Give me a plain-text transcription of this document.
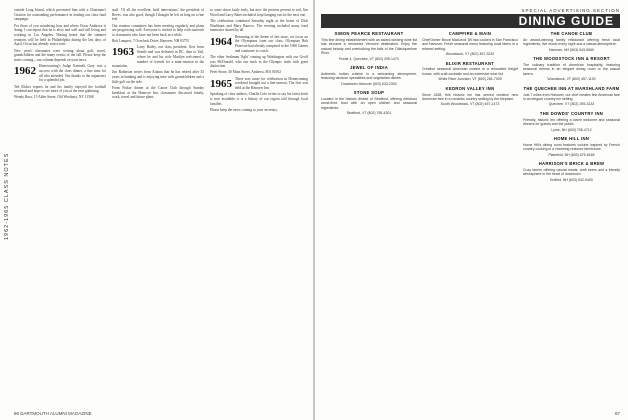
1962-1965 CLASS NOTES

outside Long Island, which prevented him with a Chairman's Citation for outstanding performance in leading our class fund campaign.

For those of you wondering how and where Oscar Ambrose is doing, I can report that he is alive and well and still living and working in Los Angeles. Having heard that the summer reunions will be held in Philadelphia during the last days of April, Oscar has already sent a note.

New year's classmates were writing about golf, travel, grandchildren and the many events of the fall. Please keep the notes coming—our column depends on your news.

1962 Homecoming's Judge Kenneth Gray was a success with the class dinner, a fine time for all who attended. Our thanks to the organizers for a splendid job.

Ted Ricker reports he and his family enjoyed the football weekend and hope to see more of you at the next gathering.

Wendy Russ, 15 Alder Street, Old Westbury, NY 11568

staff. 'Of all the excellent, bold innovations,' the president of Reves, was also good, though I thought he left us long on a fine feel.

Our reunion committee has been meeting regularly and plans are progressing well. Everyone is invited to help with outreach to classmates who have not been back in a while.

Bob Lampert, 7 Overlook Drive, Hanover, NH 03755

1963 Larry Bailey, our class president, flew from Seattle and was defeated in DC, then to Vail, where he and his wife Marilyn welcomed a number of friends for a mini-reunion in the mountains.

Jim Robinson writes from Atlanta that he has retired after 35 years in banking and is enjoying time with grandchildren and a little golf on the side.

From Friday dinner at the Canoe Club through Sunday breakfast at the Hanover Inn, classmates discussed family, work, travel and future plans.

to come down fairly early, but now the persons present to sail, Jim Wood and Larry Bates included, kept hanging out for the next one.

The celebration continued Saturday night at the home of Dick Washburn and Mary Barrow. The evening included many fond memories shared by all.

1964 Returning to the theme of last issue, we focus on the Olympians from our class. Olympian Bob Peterson had already competed in the 1960 Games and continues to coach.

The other freshman 'fight' coming up Washington with our Geoff was McDonald, who ran track in the Olympic trials with great distinction.

Peter Stone, 40 Main Street, Amherst, MA 01002

1965 There was cause for celebration as Homecoming weekend brought out a fine turnout. The first was held at the Hanover Inn.

Speaking of class authors, Charlie Cole writes to say his latest book is now available; it is a history of our region told through local families.

Please keep the news coming to your secretary.

86 DARTMOUTH ALUMNI MAGAZINE
SPECIAL ADVERTISING SECTION
DINING GUIDE
SIMON PEARCE RESTAURANT
This fine dining establishment with an award-winning wine list has become a renowned Vermont destination. Enjoy the natural beauty and overlooking the falls of the Ottauquechee River.
Route 4, Quechee, VT (802) 295-1470
JEWEL OF INDIA
Authentic Indian cuisine in a welcoming atmosphere, featuring tandoori specialties and vegetarian dishes.
Downtown Hanover (603) 643-2300
STONE SOUP
Located in the historic district of Strafford, offering delicious wood-fired food with an open kitchen and seasonal ingredients.
Strafford, VT (802) 765-4301
CAMPFIRE & MAIN
Chef/Owner Bruce MacLeod '89 has cooked in San Francisco and Hanover. Fresh seasonal menu featuring local farms in a relaxed setting.
Woodstock, VT (802) 457-3232
ELIXIR RESTAURANT
Creative seasonal American cuisine in a renovated freight house, with craft cocktails and an extensive wine list.
White River Junction, VT (802) 281-7009
KEDRON VALLEY INN
Since 1828, this historic inn has served creative new American fare in a romantic country setting by the fireplace.
South Woodstock, VT (802) 457-1473
THE CANOE CLUB
An award-winning family restaurant offering fresh local ingredients, live music every night and a casual atmosphere.
Hanover, NH (603) 643-9660
THE WOODSTOCK INN & RESORT
The culinary tradition of American hospitality, featuring seasonal menus in an elegant dining room or the casual tavern.
Woodstock, VT (802) 457-1100
THE QUECHEE INN AT MARSHLAND FARM
Just 7 miles from Hanover, our chef creates fine American fare in an elegant country inn setting.
Quechee, VT (802) 295-3133
THE DOWDS' COUNTRY INN
Friendly, historic inn offering a warm welcome and seasonal dinners for guests and the public.
Lyme, NH (603) 795-4712
HOME HILL INN
Home Hill's dining room features cuisine inspired by French country cooking in a charming restored farmhouse.
Plainfield, NH (603) 675-6165
HARRISON'S BRICK & BREW
Cozy tavern offering casual meals, craft beers and a friendly atmosphere in the heart of downtown.
Enfield, NH (603) 632-9400
87
